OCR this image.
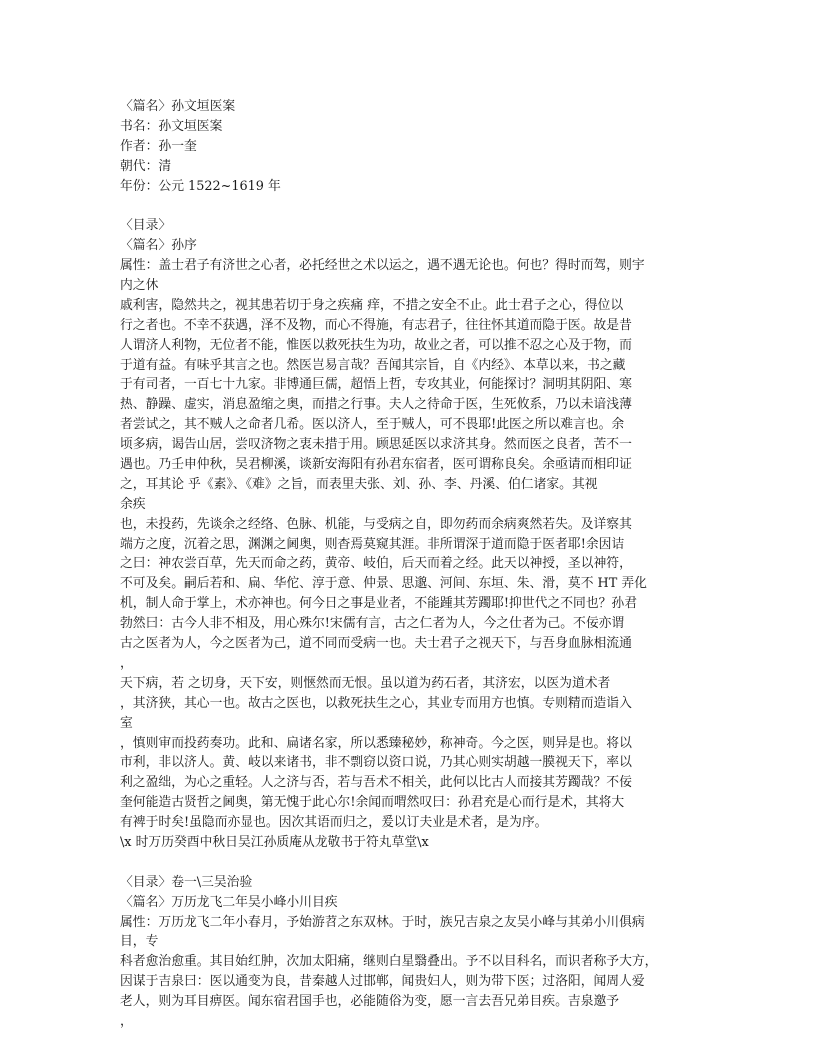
〈篇名〉孙文垣医案
书名：孙文垣医案
作者：孙一奎
朝代：清
年份：公元 1522~1619 年
〈目录〉
〈篇名〉孙序
属性：盖士君子有济世之心者，必托经世之术以运之，遇不遇无论也。何也？得时而驾，则宇
内之休
戚利害，隐然共之，视其患若切于身之疾痛 痒，不措之安全不止。此士君子之心，得位以
行之者也。不幸不获遇，泽不及物，而心不得施，有志君子，往往怀其道而隐于医。故是昔
人谓济人利物，无位者不能，惟医以救死扶生为功，故业之者，可以推不忍之心及于物，而
于道有益。有味乎其言之也。然医岂易言哉？吾闻其宗旨，自《内经》、本草以来，书之藏
于有司者，一百七十九家。非博通巨儒，超悟上哲，专攻其业，何能探讨？洞明其阴阳、寒
热、静躁、虚实，消息盈缩之奥，而措之行事。夫人之待命于医，生死攸系，乃以未谙浅薄
者尝试之，其不贼人之命者几希。医以济人，至于贼人，可不畏耶!此医之所以难言也。余
顷多病，谒告山居，尝叹济物之衷未措于用。顾思延医以求济其身。然而医之良者，苦不一
遇也。乃壬申仲秋，吴君柳溪，谈新安海阳有孙君东宿者，医可谓称良矣。余亟请而相印证
之，耳其论 乎《素》、《难》之旨，而表里夫张、刘、孙、李、丹溪、伯仁诸家。其视
余疾
也，未投药，先谈余之经络、色脉、机能，与受病之自，即勿药而余病爽然若失。及详察其
端方之度，沉着之思，渊渊之阃奥，则杳焉莫窥其涯。非所谓深于道而隐于医者耶!余因诘
之曰：神农尝百草，先天而命之药，黄帝、岐伯，后天而着之经。此天以神授，圣以神符，
不可及矣。嗣后若和、扁、华佗、淳于意、仲景、思邈、河间、东垣、朱、滑，莫不 HT 弄化
机，制人命于掌上，术亦神也。何今日之事是业者，不能踵其芳躅耶!抑世代之不同也？孙君
勃然曰：古今人非不相及，用心殊尔!宋儒有言，古之仁者为人，今之仕者为己。不佞亦谓
古之医者为人，今之医者为己，道不同而受病一也。夫士君子之视天下，与吾身血脉相流通
，
天下病，若 之切身，天下安，则惬然而无恨。虽以道为药石者，其济宏，以医为道术者
，其济狭，其心一也。故古之医也，以救死扶生之心，其业专而用方也慎。专则精而造诣入
室
，慎则审而投药奏功。此和、扁诸名家，所以悉臻秘妙，称神奇。今之医，则异是也。将以
市利，非以济人。黄、岐以来诸书，非不剽窃以资口说，乃其心则实胡越一膜视天下，率以
利之盈绌，为心之重轻。人之济与否，若与吾术不相关，此何以比古人而接其芳躅哉？不佞
奎何能造古贤哲之阃奥，第无愧于此心尔!余闻而喟然叹曰：孙君充是心而行是术，其将大
有裨于时矣!虽隐而亦显也。因次其语而归之，爰以订夫业是术者，是为序。
\x 时万历癸酉中秋日吴江孙质庵从龙敬书于符丸草堂\x
〈目录〉卷一\三吴治验
〈篇名〉万历龙飞二年吴小峰小川目疾
属性：万历龙飞二年小春月，予始游苕之东双林。于时，族兄吉泉之友吴小峰与其弟小川俱病
目，专
科者愈治愈重。其目始红肿，次加太阳痛，继则白星翳叠出。予不以目科名，而识者称予大方，
因谋于吉泉曰：医以通变为良，昔秦越人过邯郸，闻贵妇人，则为带下医；过洛阳，闻周人爱
老人，则为耳目痹医。闻东宿君国手也，必能随俗为变，愿一言去吾兄弟目疾。吉泉邀予
，
